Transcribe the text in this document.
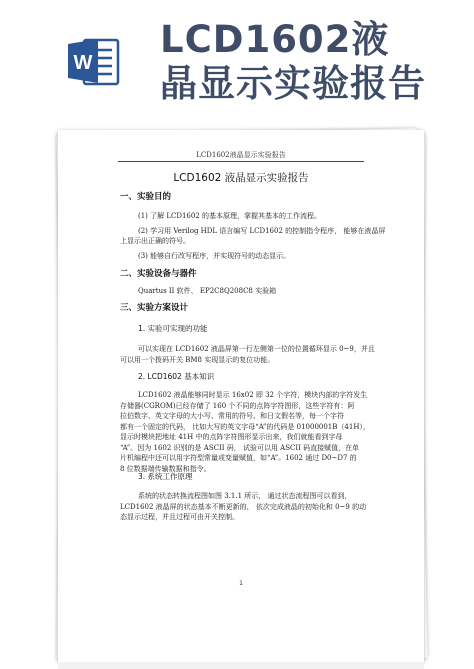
W
LCD1602液
晶显示实验报告
LCD1602液晶显示实验报告
LCD1602 液晶显示实验报告
一、实验目的
(1) 了解 LCD1602 的基本原理，掌握其基本的工作流程。
(2) 学习用 Verilog HDL 语言编写 LCD1602 的控制指令程序， 能够在液晶屏
上显示出正确的符号。
(3) 能够自行改写程序，并实现符号的动态显示。
二、实验设备与器件
Quartus II 软件、 EP2C8Q208C8 实验箱
三、实验方案设计
1. 实验可实现的功能
可以实现在 LCD1602 液晶屏第一行左侧第一位的位置循环显示 0~9，并且
可以用一个拨码开关 BM8 实现显示的复位功能。
2. LCD1602 基本知识
LCD1602 液晶能够同时显示 16x02 即 32 个字符，模块内部的字符发生
存储器(CGROM)已经存储了 160 个不同的点阵字符图形，这些字符有：阿
拉伯数字、英文字母的大小写、常用的符号、和日文假名等，每一个字符
都有一个固定的代码， 比如大写的英文字母“A”的代码是 01000001B（41H），
显示时模块把地址 41H 中的点阵字符图形显示出来，我们就能看到字母
“A”。因为 1602 识别的是 ASCII 码， 试验可以用 ASCII 码直接赋值，在单
片机编程中还可以用字符型常量或变量赋值，如“A”。1602 通过 D0~D7 的
8 位数据端传输数据和指令。
3. 系统工作原理
系统的状态转换流程图如图 3.1.1 所示， 通过状态流程图可以看到，
LCD1602 液晶屏的状态基本不断更新的， 依次完成液晶的初始化和 0~9 的动
态显示过程，并且过程可由开关控制。
1
